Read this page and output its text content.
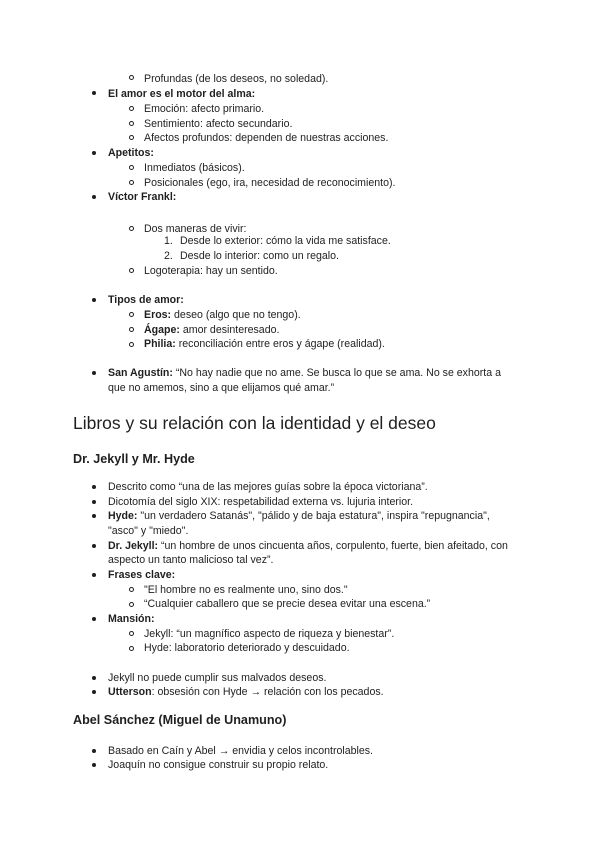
Profundas (de los deseos, no soledad).
El amor es el motor del alma:
Emoción: afecto primario.
Sentimiento: afecto secundario.
Afectos profundos: dependen de nuestras acciones.
Apetitos:
Inmediatos (básicos).
Posicionales (ego, ira, necesidad de reconocimiento).
Víctor Frankl:
Dos maneras de vivir:
1. Desde lo exterior: cómo la vida me satisface.
2. Desde lo interior: como un regalo.
Logoterapia: hay un sentido.
Tipos de amor:
Eros: deseo (algo que no tengo).
Ágape: amor desinteresado.
Philia: reconciliación entre eros y ágape (realidad).
San Agustín: “No hay nadie que no ame. Se busca lo que se ama. No se exhorta a
que no amemos, sino a que elijamos qué amar.”
Libros y su relación con la identidad y el deseo
Dr. Jekyll y Mr. Hyde
Descrito como “una de las mejores guías sobre la época victoriana”.
Dicotomía del siglo XIX: respetabilidad externa vs. lujuria interior.
Hyde: "un verdadero Satanás", "pálido y de baja estatura", inspira "repugnancia",
"asco" y "miedo".
Dr. Jekyll: “un hombre de unos cincuenta años, corpulento, fuerte, bien afeitado, con
aspecto un tanto malicioso tal vez”.
Frases clave:
"El hombre no es realmente uno, sino dos."
“Cualquier caballero que se precie desea evitar una escena.”
Mansión:
Jekyll: “un magnífico aspecto de riqueza y bienestar”.
Hyde: laboratorio deteriorado y descuidado.
Jekyll no puede cumplir sus malvados deseos.
Utterson: obsesión con Hyde → relación con los pecados.
Abel Sánchez (Miguel de Unamuno)
Basado en Caín y Abel → envidia y celos incontrolables.
Joaquín no consigue construir su propio relato.
